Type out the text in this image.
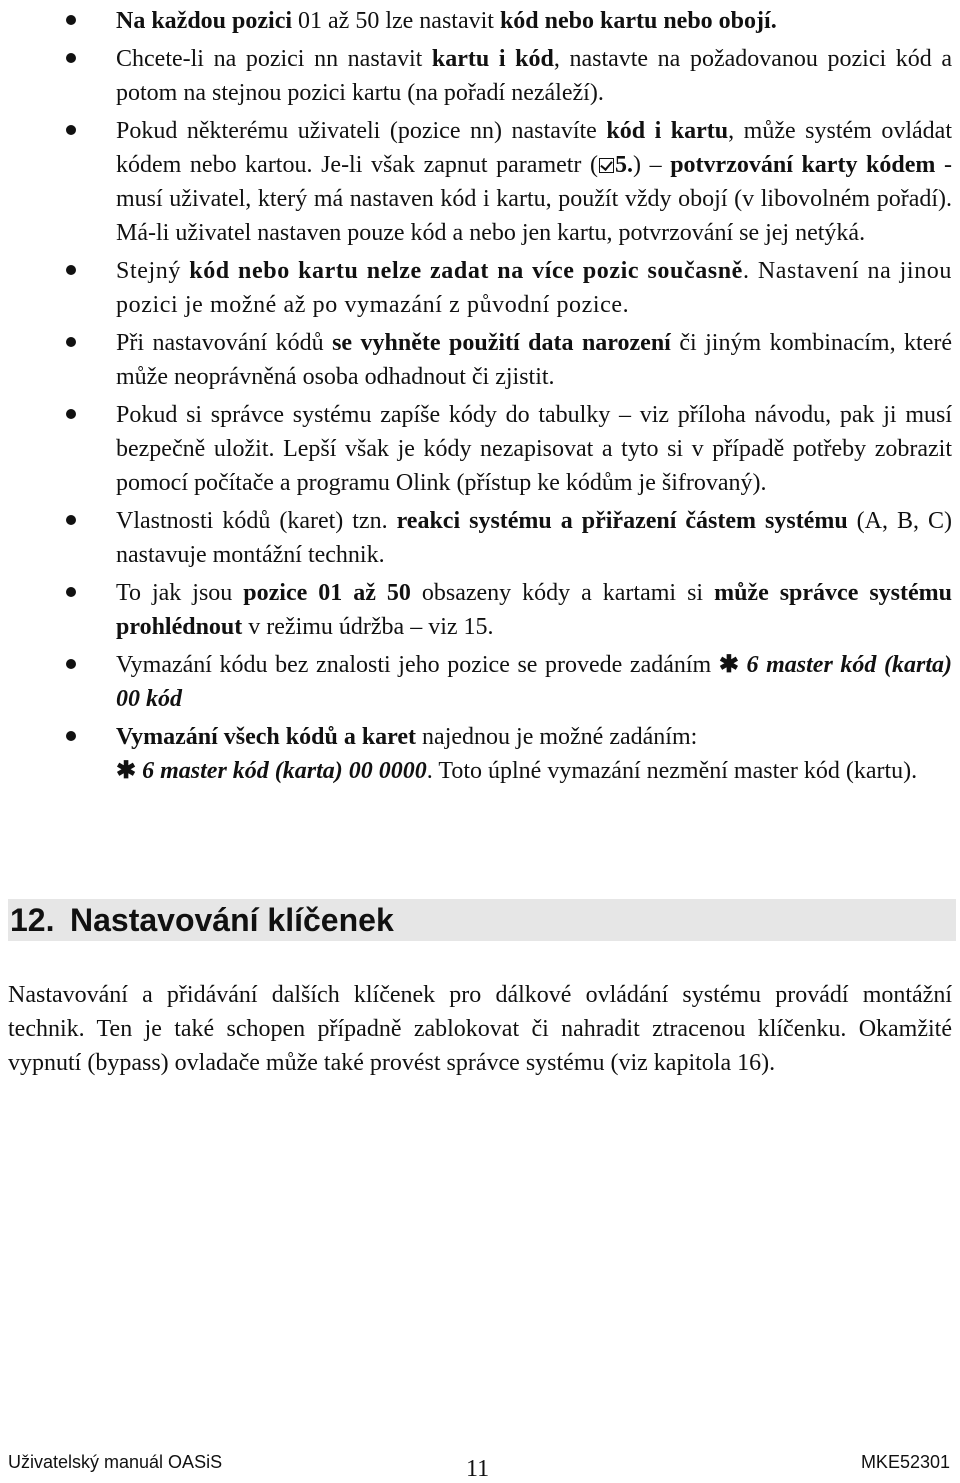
Na každou pozici 01 až 50 lze nastavit kód nebo kartu nebo obojí.
Chcete-li na pozici nn nastavit kartu i kód, nastavte na požadovanou pozici kód a potom na stejnou pozici kartu (na pořadí nezáleží).
Pokud některému uživateli (pozice nn) nastavíte kód i kartu, může systém ovládat kódem nebo kartou. Je-li však zapnut parametr ( 5.) – potvrzování karty kódem - musí uživatel, který má nastaven kód i kartu, použít vždy obojí (v libovolném pořadí). Má-li uživatel nastaven pouze kód a nebo jen kartu, potvrzování se jej netýká.
Stejný kód nebo kartu nelze zadat na více pozic současně. Nastavení na jinou pozici je možné až po vymazání z původní pozice.
Při nastavování kódů se vyhněte použití data narození či jiným kombinacím, které může neoprávněná osoba odhadnout či zjistit.
Pokud si správce systému zapíše kódy do tabulky – viz příloha návodu, pak ji musí bezpečně uložit. Lepší však je kódy nezapisovat a tyto si v případě potřeby zobrazit pomocí počítače a programu Olink (přístup ke kódům je šifrovaný).
Vlastnosti kódů (karet) tzn. reakci systému a přiřazení částem systému (A, B, C) nastavuje montážní technik.
To jak jsou pozice 01 až 50 obsazeny kódy a kartami si může správce systému prohlédnout v režimu údržba – viz 15.
Vymazání kódu bez znalosti jeho pozice se provede zadáním ✱ 6 master kód (karta) 00 kód
Vymazání všech kódů a karet najednou je možné zadáním:
✱ 6 master kód (karta) 00 0000. Toto úplné vymazání nezmění master kód (kartu).
12. Nastavování klíčenek
Nastavování a přidávání dalších klíčenek pro dálkové ovládání systému provádí montážní technik. Ten je také schopen případně zablokovat či nahradit ztracenou klíčenku. Okamžité vypnutí (bypass) ovladače může také provést správce systému (viz kapitola 16).
Uživatelský manuál OASiS	11	MKE52301
